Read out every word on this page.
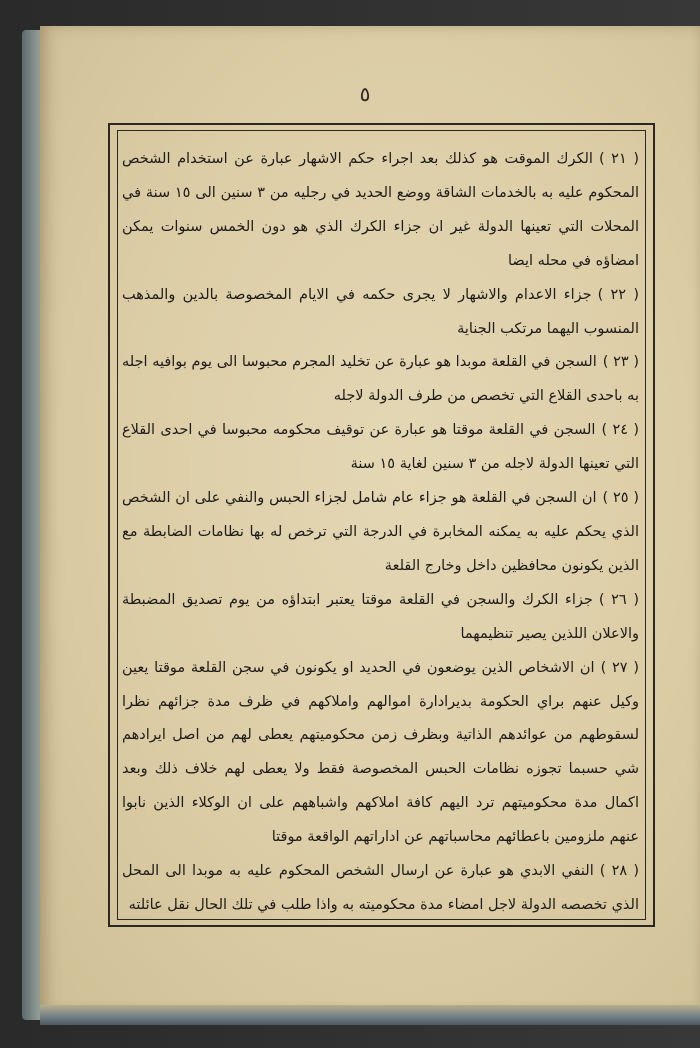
٥

( ٢١ )الكرك الموقت هو كذلك بعد اجراء حكم الاشهار عبارة عن استخدام الشخص المحكوم عليه به بالخدمات الشاقة ووضع الحديد في رجليه من ٣ سنين الى ١٥ سنة في المحلات التي تعينها الدولة غير ان جزاء الكرك الذي هو دون الخمس سنوات يمكن امضاؤه في محله ايضا

( ٢٢ )جزاء الاعدام والاشهار لا يجرى حكمه في الايام المخصوصة بالدين والمذهب المنسوب اليهما مرتكب الجناية

( ٢٣ )السجن في القلعة موبدا هو عبارة عن تخليد المجرم محبوسا الى يوم بوافيه اجله به باحدى القلاع التي تخصص من طرف الدولة لاجله

( ٢٤ )السجن في القلعة موقتا هو عبارة عن توقيف محكومه محبوسا في احدى القلاع التي تعينها الدولة لاجله من ٣ سنين لغاية ١٥ سنة

( ٢٥ )ان السجن في القلعة هو جزاء عام شامل لجزاء الحبس والنفي على ان الشخص الذي يحكم عليه به يمكنه المخابرة في الدرجة التي ترخص له بها نظامات الضابطة مع الذين يكونون محافظين داخل وخارج القلعة

( ٢٦ )جزاء الكرك والسجن في القلعة موقتا يعتبر ابتداؤه من يوم تصديق المضبطة والاعلان اللذين يصير تنظيمهما

( ٢٧ )ان الاشخاص الذين يوضعون في الحديد او يكونون في سجن القلعة موقتا يعين وكيل عنهم براي الحكومة بديرادارة اموالهم واملاكهم في ظرف مدة جزائهم نظرا لسقوطهم من عوائدهم الذاتية وبظرف زمن محكوميتهم يعطى لهم من اصل ايرادهم شي حسبما تجوزه نظامات الحبس المخصوصة فقط ولا يعطى لهم خلاف ذلك وبعد اكمال مدة محكوميتهم ترد اليهم كافة املاكهم واشباههم على ان الوكلاء الذين نابوا عنهم ملزومين باعطائهم محاسباتهم عن اداراتهم الواقعة موقتا

( ٢٨ )النفي الابدي هو عبارة عن ارسال الشخص المحكوم عليه به موبدا الى المحل الذي تخصصه الدولة لاجل امضاء مدة محكوميته به واذا طلب في تلك الحال نقل عائلته
